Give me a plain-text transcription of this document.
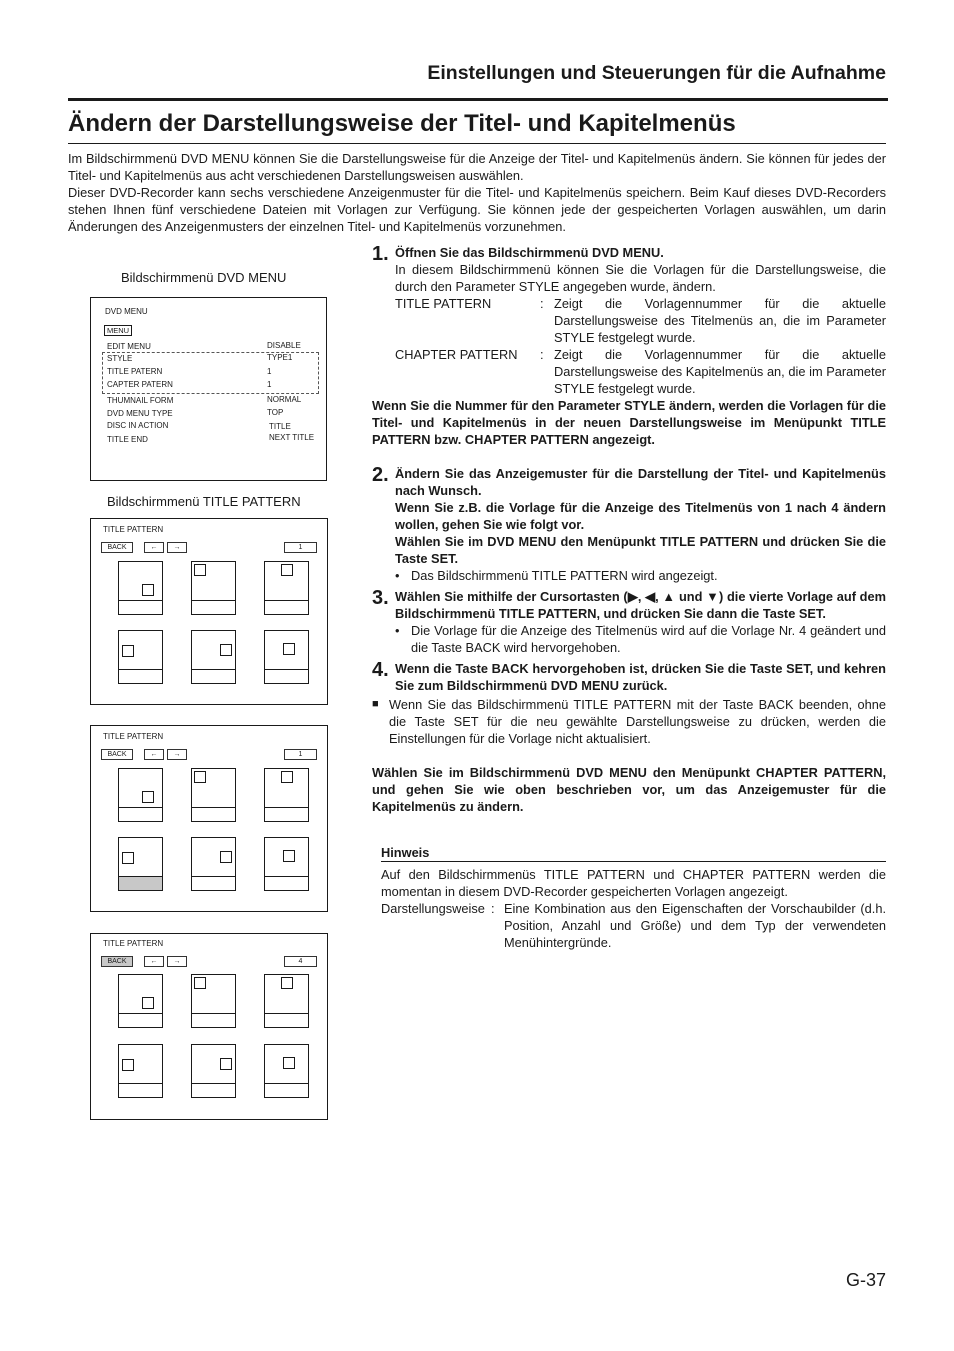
Einstellungen und Steuerungen für die Aufnahme
Ändern der Darstellungsweise der Titel- und Kapitelmenüs

Im Bildschirmmenü DVD MENU können Sie die Darstellungsweise für die Anzeige der Titel- und Kapitelmenüs ändern. Sie können für jedes der Titel- und Kapitelmenüs aus acht verschiedenen Darstellungsweisen auswählen.

Dieser DVD-Recorder kann sechs verschiedene Anzeigenmuster für die Titel- und Kapitelmenüs speichern. Beim Kauf dieses DVD-Recorders stehen Ihnen fünf verschiedene Dateien mit Vorlagen zur Verfügung. Sie können jede der gespeicherten Vorlagen auswählen, um darin Änderungen des Anzeigenmusters der einzelnen Titel- und Kapitelmenüs vorzunehmen.

Bildschirmmenü DVD MENU
DVD MENU
MENU
EDIT MENU	DISABLE
STYLE	TYPE1
TITLE PATERN	1
CAPTER PATERN	1
THUMNAIL FORM	NORMAL
DVD MENU TYPE	TOP
DISC IN ACTION	TITLE
TITLE END	NEXT TITLE
Bildschirmmenü TITLE PATTERN
TITLE PATTERN
BACK	←	→	1
TITLE PATTERN
BACK	←	→	1
TITLE PATTERN
BACK	←	→	4
1. Öffnen Sie das Bildschirmmenü DVD MENU.
In diesem Bildschirmmenü können Sie die Vorlagen für die Darstellungsweise, die durch den Parameter STYLE angegeben wurde, ändern.
TITLE PATTERN	: Zeigt die Vorlagennummer für die aktuelle Darstellungsweise des Titelmenüs an, die im Parameter STYLE festgelegt wurde.
CHAPTER PATTERN	: Zeigt die Vorlagennummer für die aktuelle Darstellungsweise des Kapitelmenüs an, die im Parameter STYLE festgelegt wurde.
Wenn Sie die Nummer für den Parameter STYLE ändern, werden die Vorlagen für die Titel- und Kapitelmenüs in der neuen Darstellungsweise im Menüpunkt TITLE PATTERN bzw. CHAPTER PATTERN angezeigt.
2. Ändern Sie das Anzeigemuster für die Darstellung der Titel- und Kapitelmenüs nach Wunsch.
Wenn Sie z.B. die Vorlage für die Anzeige des Titelmenüs von 1 nach 4 ändern wollen, gehen Sie wie folgt vor.
Wählen Sie im DVD MENU den Menüpunkt TITLE PATTERN und drücken Sie die Taste SET.
• Das Bildschirmmenü TITLE PATTERN wird angezeigt.
3. Wählen Sie mithilfe der Cursortasten (▶, ◀, ▲ und ▼) die vierte Vorlage auf dem Bildschirmmenü TITLE PATTERN, und drücken Sie dann die Taste SET.
• Die Vorlage für die Anzeige des Titelmenüs wird auf die Vorlage Nr. 4 geändert und die Taste BACK wird hervorgehoben.
4. Wenn die Taste BACK hervorgehoben ist, drücken Sie die Taste SET, und kehren Sie zum Bildschirmmenü DVD MENU zurück.
■ Wenn Sie das Bildschirmmenü TITLE PATTERN mit der Taste BACK beenden, ohne die Taste SET für die neu gewählte Darstellungsweise zu drücken, werden die Einstellungen für die Vorlage nicht aktualisiert.
Wählen Sie im Bildschirmmenü DVD MENU den Menüpunkt CHAPTER PATTERN, und gehen Sie wie oben beschrieben vor, um das Anzeigemuster für die Kapitelmenüs zu ändern.
Hinweis
Auf den Bildschirmmenüs TITLE PATTERN und CHAPTER PATTERN werden die momentan in diesem DVD-Recorder gespeicherten Vorlagen angezeigt.
Darstellungsweise : Eine Kombination aus den Eigenschaften der Vorschaubilder (d.h. Position, Anzahl und Größe) und dem Typ der verwendeten Menühintergründe.
G-37
